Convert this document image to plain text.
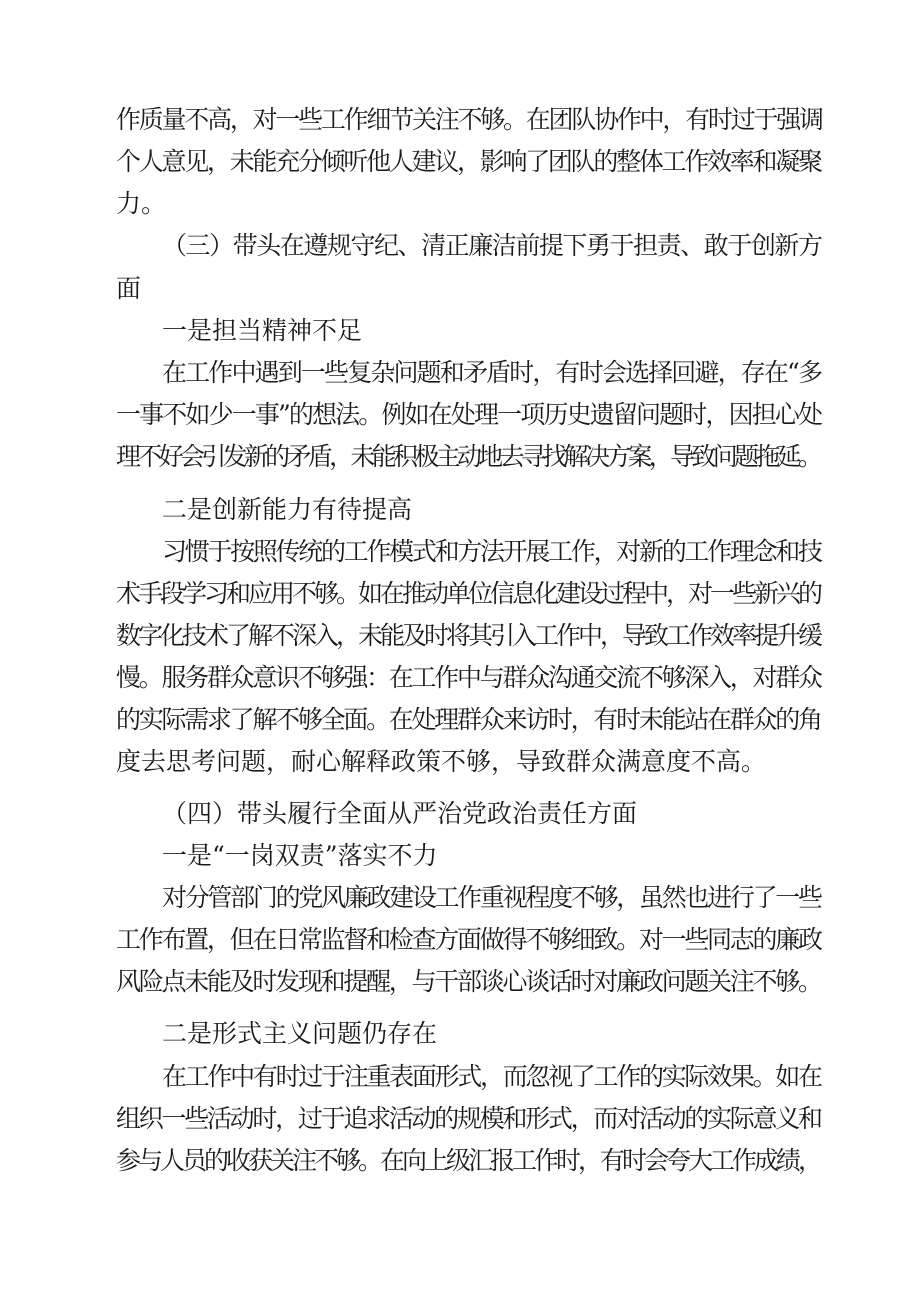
作质量不高，对一些工作细节关注不够。在团队协作中，有时过于强调
个人意见，未能充分倾听他人建议，影响了团队的整体工作效率和凝聚
力。
（三）带头在遵规守纪、清正廉洁前提下勇于担责、敢于创新方
面
一是担当精神不足
在工作中遇到一些复杂问题和矛盾时，有时会选择回避，存在“多
一事不如少一事”的想法。例如在处理一项历史遗留问题时，因担心处
理不好会引发新的矛盾，未能积极主动地去寻找解决方案，导致问题拖延。
二是创新能力有待提高
习惯于按照传统的工作模式和方法开展工作，对新的工作理念和技
术手段学习和应用不够。如在推动单位信息化建设过程中，对一些新兴的
数字化技术了解不深入，未能及时将其引入工作中，导致工作效率提升缓
慢。服务群众意识不够强：在工作中与群众沟通交流不够深入，对群众
的实际需求了解不够全面。在处理群众来访时，有时未能站在群众的角
度去思考问题，耐心解释政策不够，导致群众满意度不高。
（四）带头履行全面从严治党政治责任方面
一是“一岗双责”落实不力
对分管部门的党风廉政建设工作重视程度不够，虽然也进行了一些
工作布置，但在日常监督和检查方面做得不够细致。对一些同志的廉政
风险点未能及时发现和提醒，与干部谈心谈话时对廉政问题关注不够。
二是形式主义问题仍存在
在工作中有时过于注重表面形式，而忽视了工作的实际效果。如在
组织一些活动时，过于追求活动的规模和形式，而对活动的实际意义和
参与人员的收获关注不够。在向上级汇报工作时，有时会夸大工作成绩，
